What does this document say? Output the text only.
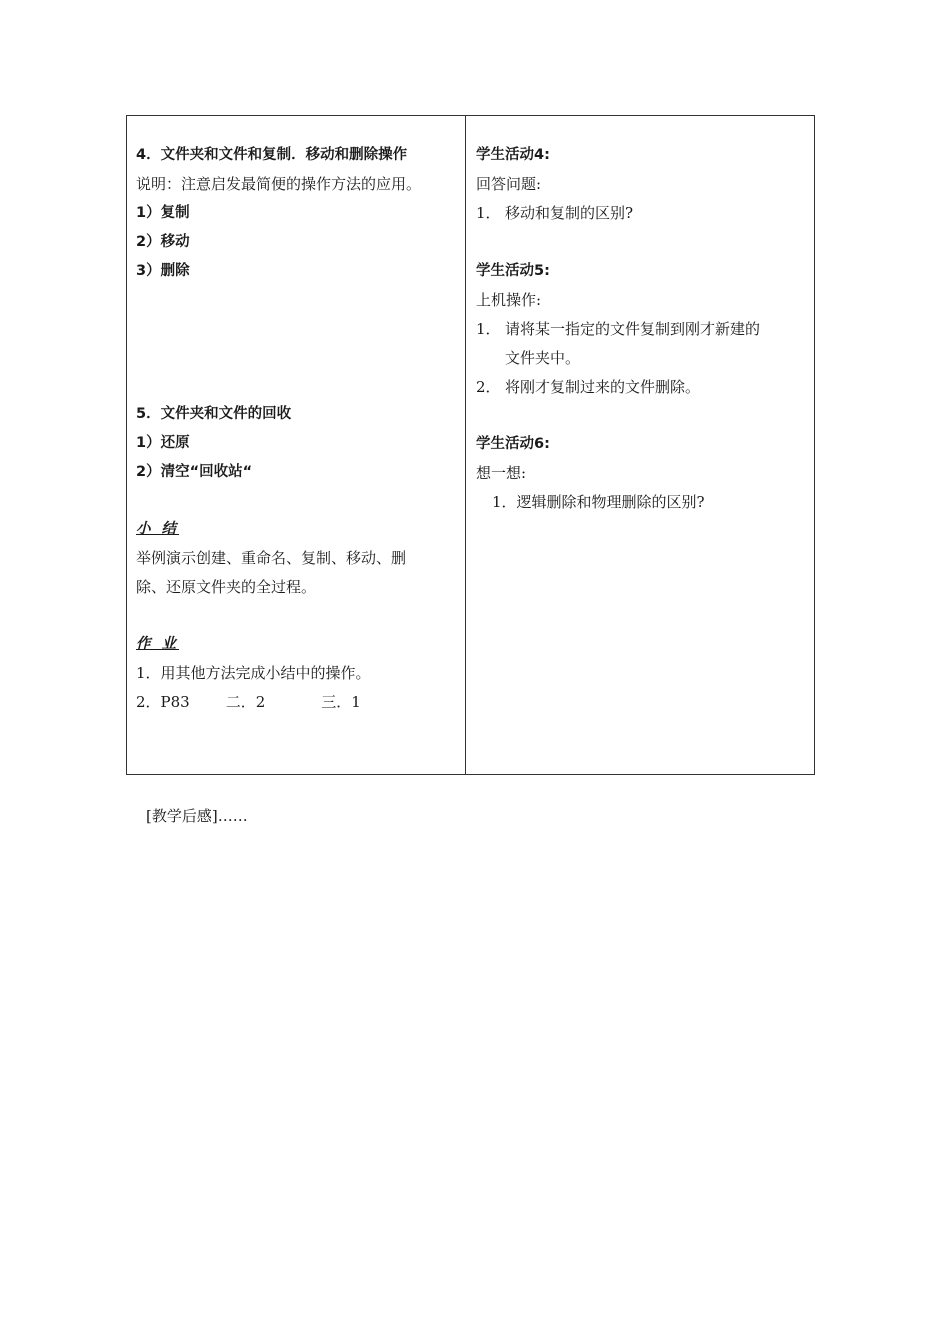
4．文件夹和文件和复制．移动和删除操作
说明：注意启发最简便的操作方法的应用。
1）复制
2）移动
3）删除
5．文件夹和文件的回收
1）还原
2）清空“回收站“
小 结
举例演示创建、重命名、复制、移动、删
除、还原文件夹的全过程。
作 业
1．用其他方法完成小结中的操作。
2．P83 二．2	三．1
学生活动4:
回答问题:
1． 移动和复制的区别?
学生活动5:
上机操作:
1． 请将某一指定的文件复制到刚才新建的
文件夹中。
2． 将刚才复制过来的文件删除。
学生活动6:
想一想:
1．逻辑删除和物理删除的区别?
[教学后感]……
